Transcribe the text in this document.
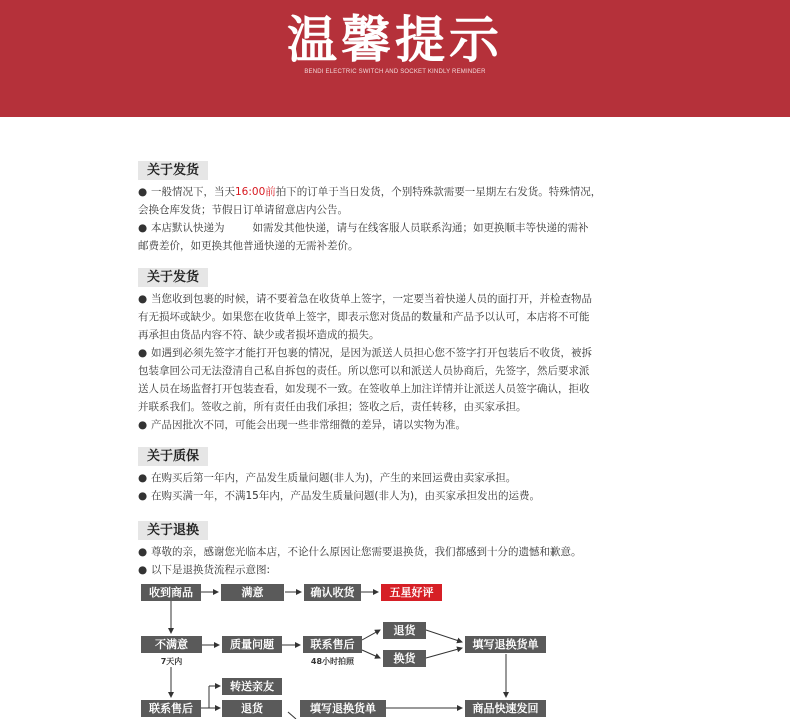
温馨提示
BENDI ELECTRIC SWITCH AND SOCKET KINDLY REMINDER
关于发货

● 一般情况下，当天16:00前拍下的订单于当日发货，个别特殊款需要一星期左右发货。特殊情况，

会换仓库发货；节假日订单请留意店内公告。

● 本店默认快递为	如需发其他快递，请与在线客服人员联系沟通；如更换顺丰等快递的需补

邮费差价，如更换其他普通快递的无需补差价。

关于发货

● 当您收到包裹的时候，请不要着急在收货单上签字，一定要当着快递人员的面打开，并检查物品

有无损坏或缺少。如果您在收货单上签字，即表示您对货品的数量和产品予以认可，本店将不可能

再承担由货品内容不符、缺少或者损坏造成的损失。

● 如遇到必须先签字才能打开包裹的情况，是因为派送人员担心您不签字打开包装后不收货，被拆

包装拿回公司无法澄清自己私自拆包的责任。所以您可以和派送人员协商后，先签字，然后要求派

送人员在场监督打开包装查看，如发现不一致。在签收单上加注详情并让派送人员签字确认，拒收

并联系我们。签收之前，所有责任由我们承担；签收之后，责任转移，由买家承担。

● 产品因批次不同，可能会出现一些非常细微的差异，请以实物为准。

关于质保

● 在购买后第一年内，产品发生质量问题(非人为)，产生的来回运费由卖家承担。

● 在购买满一年，不满15年内，产品发生质量问题(非人为)，由买家承担发出的运费。

关于退换

● 尊敬的亲，感谢您光临本店，不论什么原因让您需要退换货，我们都感到十分的遗憾和歉意。

● 以下是退换货流程示意图:

收到商品	满意	确认收货	五星好评
不满意
7天内
质量问题	联系售后
48小时拍照
退货
换货
填写退换货单
转送亲友
联系售后	退货	填写退换货单	商品快速发回
